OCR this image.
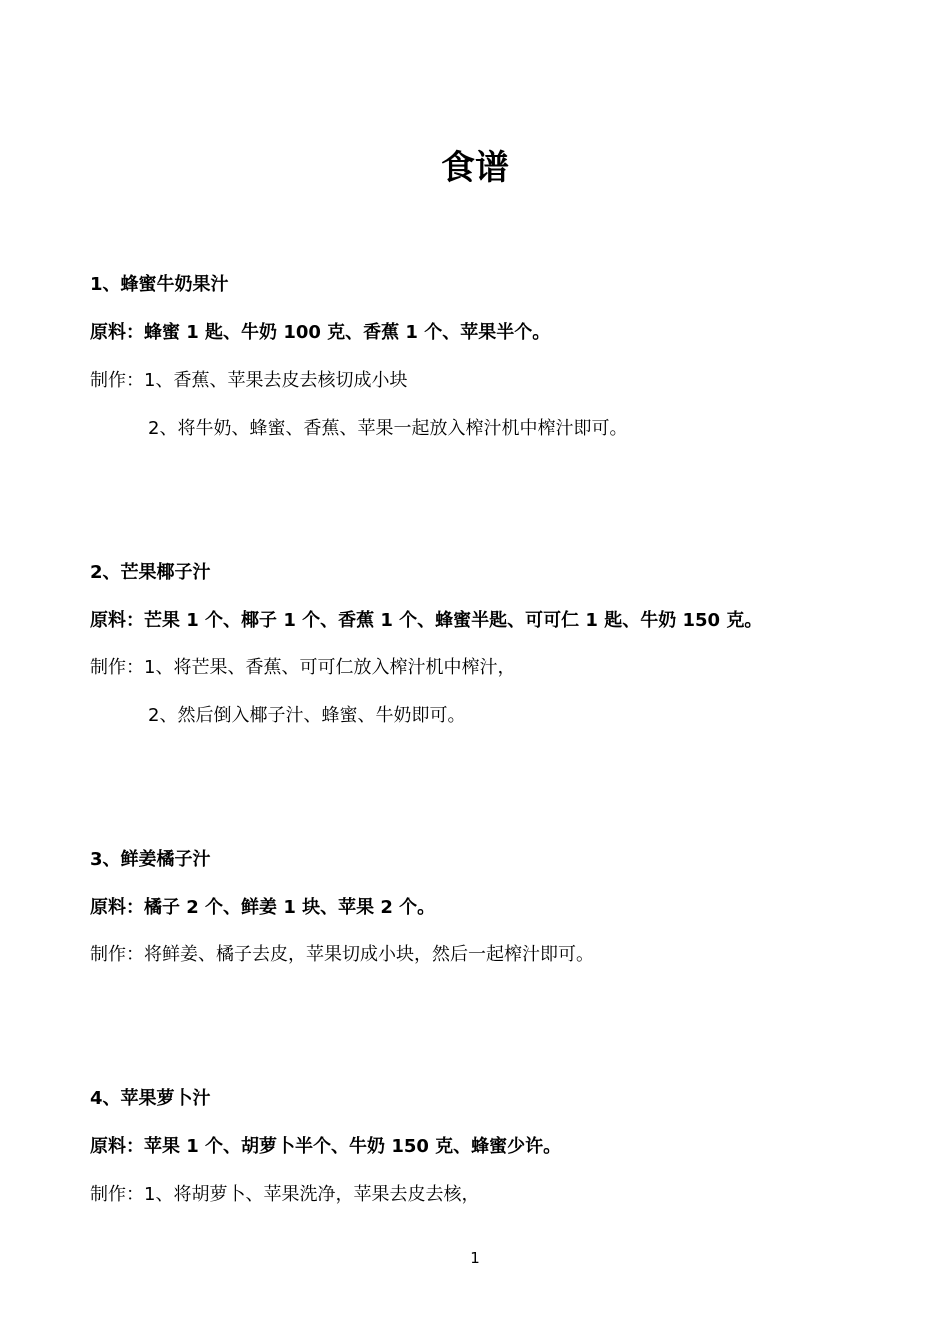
食谱
1、蜂蜜牛奶果汁
原料：蜂蜜 1 匙、牛奶 100 克、香蕉 1 个、苹果半个。
制作：1、香蕉、苹果去皮去核切成小块
2、将牛奶、蜂蜜、香蕉、苹果一起放入榨汁机中榨汁即可。
2、芒果椰子汁
原料：芒果 1 个、椰子 1 个、香蕉 1 个、蜂蜜半匙、可可仁 1 匙、牛奶 150 克。
制作：1、将芒果、香蕉、可可仁放入榨汁机中榨汁，
2、然后倒入椰子汁、蜂蜜、牛奶即可。
3、鲜姜橘子汁
原料：橘子 2 个、鲜姜 1 块、苹果 2 个。
制作：将鲜姜、橘子去皮，苹果切成小块，然后一起榨汁即可。
4、苹果萝卜汁
原料：苹果 1 个、胡萝卜半个、牛奶 150 克、蜂蜜少许。
制作：1、将胡萝卜、苹果洗净，苹果去皮去核，
1
